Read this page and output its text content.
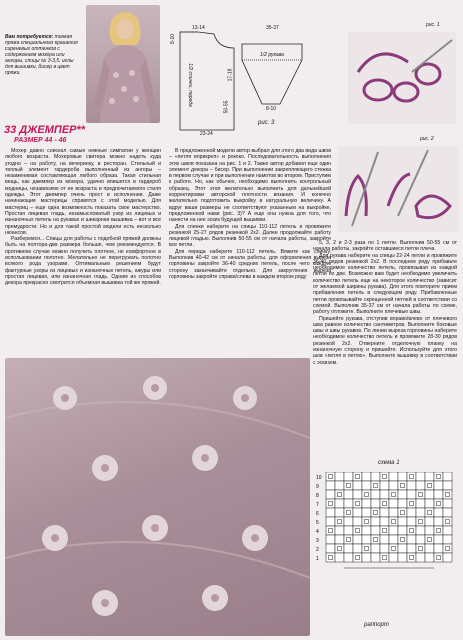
Вам потребуется: тонкая пряжа специального крашения сиреневых оттенков с содержанием мохера или ангоры, спицы № 3-3,5, иглы для вышивки, бисер в цвет пряжи.
33 ДЖЕМПЕР**
РАЗМЕР 44 - 46
8-10
13-14	35-37
17-19
50-55
23-24
1/2 спинки, переда
1/2 рукава
8-10
рис. 3
рис. 1
рис. 2

Мохер давно снискал самые нежные симпатии у женщин любого возраста. Мохеровые свитера можно надеть куда угодно – на работу, на вечеринку, в ресторан. Стильный и теплый элемент гардероба выполненный из ангоры – незаменимая составляющая любого образа. Такая стильная вещь, как джемпер из мохера, удачно впишется в гардероб модницы, независимо от ее возраста и предпочитаемого стиля одежды. Этот джемпер очень прост в исполнении. Даже начинающие мастерицы справятся с этой моделью. Для мастериц – еще одна возможность показать свое мастерство. Простая лицевая гладь, незамысловатый узор из лицевых и изнаночных петель на рукавах и шикарная вышивка – вот и все премудрости. Но и для такой простой модели есть несколько нюансов.

Разберемся... Спицы для работы с подобной пряжей должны быть на полтора-два размера больше, чем рекомендуется. В противном случае можно получить плотное, не комфортное в использовании полотно. Желательно не перегружать полотно всякого рода узорами. Оптимальным решением будут фактурные узоры из лицевых и изнаночных петель, ажуры или простая лицевая, или изнаночная гладь. Одним из способов декора прекрасно смотрится объемная вышивка той же пряжей.

В предложенной модели автор выбрал для этого два вида швов – «петля вприкреп» и рококо. Последовательность выполнения этих швов показана на рис. 1 и 2. Также автор добавил еще один элемент декора – бисер. При выполнении закрепляющего стежка в первом случае и при выполнении намотов во втором. Приступим к работе. Но, как обычно, необходимо выполнить контрольный образец. Этот этап желательно выполнить для дальнейшей корректировки авторской плотности вязания. И конечно желательно подготовить выкройку в натуральную величину. А вдруг ваши размеры не соответствуют указанным на выкройке, предложенной нами (рис. 3)? А еще она нужна для того, что нанести на нее эскиз будущей вышивки.

Для спинки наберите на спицы 110-112 петель и провяжите резинкой 25-27 рядов резинкой 2х2. Далее продолжайте работу лицевой гладью. Выполнив 50-55 см от начала работы, закройте все петли.

Для переда наберите 110-112 петель. Вяжите как спинку. Выполнив 40-42 см от начала работы, для оформления выреза горловины закройте 36-40 средних петель, после чего каждую сторону заканчивайте отдельно. Для закругления выреза горловины закройте справа/слева в каждом втором ряду

5, 3, 2 и 2-3 раза по 1 петле. Выполнив 50-55 см от начала работы, закройте оставшиеся петли плеча.

Для рукава наберите на спицы 22-24 петли и провяжите 36-40 рядов резинкой 2х2. В последнем ряду прибавьте необходимое количество петель, провязывая из каждой петли по две. Возможно вам будет необходимо увеличить количество петель еще на некоторое количество (зависит от желаемой ширины рукава). Для этого повторите прием прибавления петель в следующем ряду. Прибавленные петли провязывайте скрещенной петлей в соответствии со схемой. Выполнив 35-37 см от начала работы по схеме, работу отложите. Выполните плечевые швы.

Пришейте рукава, отступив вправо/влево от плечевого шва равное количество сантиметров. Выполните боковые швы и швы рукавов. По линии выреза горловины наберите необходимое количество петель и провяжите 28-30 рядов резинкой 2х2. Отверните отделочную планку на изнаночную сторону и пришейте. Используйте для этого шов «петля в петлю». Выполните вышивку в соответствии с эскизом.

схема 1
10
9
8
7
6
5
4
3
2
1
раппорт
